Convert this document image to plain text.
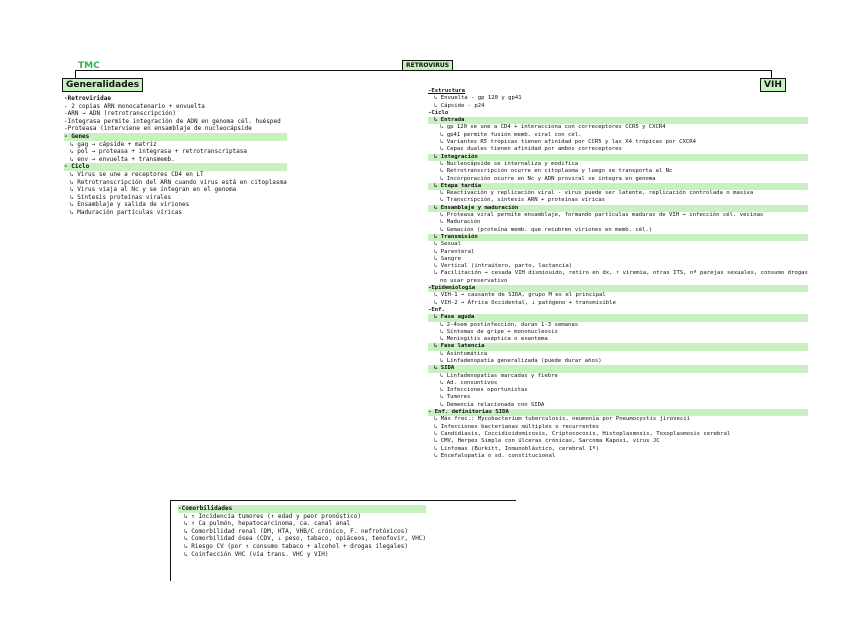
RETROVIRUS
TMC
Generalidades	VIH
-Retroviridae
- 2 copias ARN monocatenario + envuelta
-ARN → ADN (retrotranscripción)
-Integrasa permite integración de ADN en genoma cél. huésped
-Proteasa (interviene en ensamblaje de nucleocápside
- Genes
↳ gag → cápside + matriz
↳ pol → proteasa + integrasa + retrotranscriptasa
↳ env → envuelta + transmemb.
- Ciclo
↳ Virus se une a receptores CD4 en LT
↳ Retrotranscripción del ARN cuando virus está en citoplasma
↳ Virus viaja al Nc y se integran en el genoma
↳ Síntesis proteínas virales
↳ Ensamblaje y salida de viriones
↳ Maduración partículas víricas
-Estructura
↳ Envuelta - gp 120 y gp41
↳ Cápside - p24
-Ciclo
↳ Entrada
↳ gp 120 se une a CD4 + interacciona con correceptores CCR5 y CXCR4
↳ gp41 permite fusión memb. viral con cél.
↳ Variantes R5 trópicas tienen afinidad por CCR5 y las X4 trópicas por CXCR4
↳ Cepas duales tienen afinidad por ambos correceptores
↳ Integración
↳ Nucleocápside se internaliza y modifica
↳ Retrotranscripción ocurre en citoplasma y luego se transporta al Nc
↳ Incorporación ocurre en Nc y ADN proviral se integra en genoma
↳ Etapa tardía
↳ Reactivación y replicación viral - virus puede ser latente, replicación controlada o masiva
↳ Transcripción, síntesis ARN + proteínas víricas
↳ Ensamblaje y maduración
↳ Proteasa viral permite ensamblaje, formando partículas maduras de VIH → infección cél. vecinas
↳ Maduración
↳ Gemación (proteína memb. que recubren viriones en memb. cél.)
↳ Transmisión
↳ Sexual
↳ Parenteral
↳ Sangre
↳ Vertical (intraútero, parto, lactancia)
↳ Facilitación → cesada VIH disminuido, retiro en dx, ↑ viremia, otras ITS, nº parejas sexuales, consumo drogas
no usar preservativo
-Epidemiología
↳ VIH-1 → causante de SIDA, grupo M es el principal
↳ VIH-2 → África Occidental, ↓ patógeno + transmisible
-Enf.
↳ Fase aguda
↳ 2-4sem postinfección, duran 1-3 semanas
↳ Síntomas de gripe + mononucleosis
↳ Meningitis aséptica o exantema
↳ Fase latencia
↳ Asintomática
↳ Linfadenopatía generalizada (puede durar años)
↳ SIDA
↳ Linfadenopatías marcadas y fiebre
↳ Ad. consuntivos
↳ Infecciones oportunistas
↳ Tumores
↳ Demencia relacionada con SIDA
- Enf. definitorias SIDA
↳ Más frec.: Mycobacterium tuberculosis, neumonía por Pneumocystis jirovecii
↳ Infecciones bacterianas múltiples o recurrentes
↳ Candidiasis, Coccidioidomicosis, Criptococosis, Histoplasmosis, Toxoplasmosis cerebral
↳ CMV, Herpes Simple con úlceras crónicas, Sarcoma Kaposi, virus JC
↳ Linfomas (Burkitt, Inmunoblástico, cerebral 1º)
↳ Encefalopatía o sd. constitucional
-Comorbilidades
↳ ↑ Incidencia tumores (↑ edad y peor pronóstico)
↳ ↑ Ca pulmón, hepatocarcinoma, ca. canal anal
↳ Comorbilidad renal (DM, HTA, VHB/C crónico, F. nefrotóxicos)
↳ Comorbilidad ósea (CDV, ↓ peso, tabaco, opiáceos, tenofovir, VHC)
↳ Riesgo CV (por ↑ consumo tabaco + alcohol + drogas ilegales)
↳ Coinfección VHC (vía trans. VHC y VIH)
